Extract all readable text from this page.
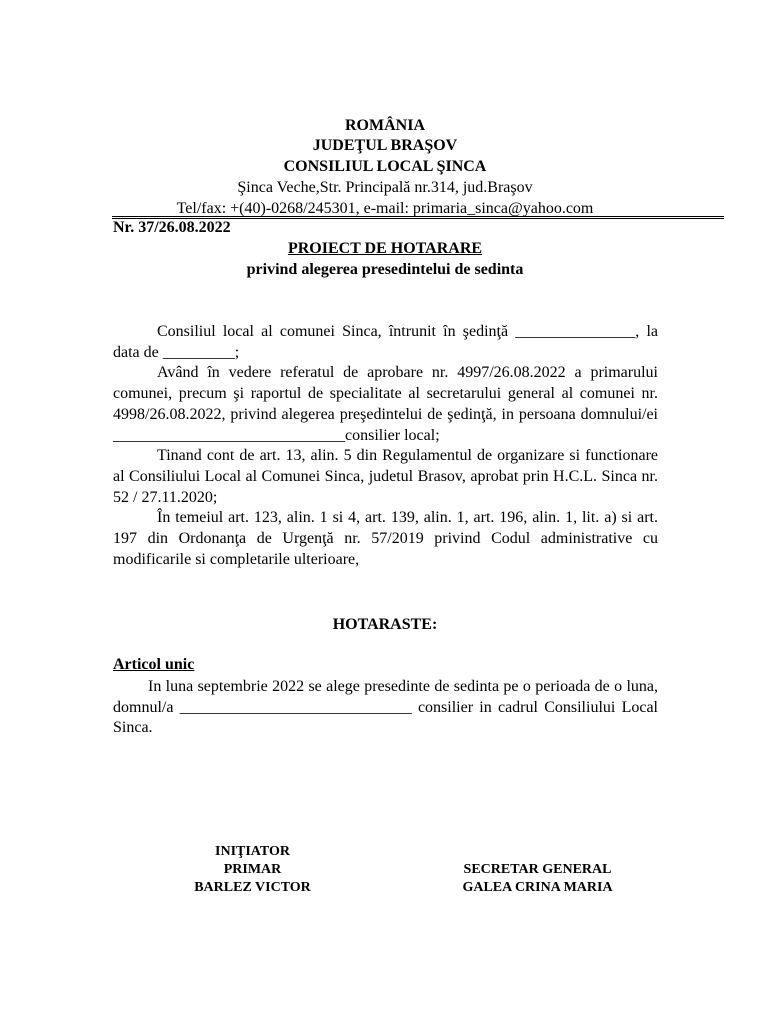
ROMÂNIA
JUDEŢUL BRAŞOV
CONSILIUL LOCAL ŞINCA
Şinca Veche,Str. Principală nr.314, jud.Braşov
Tel/fax: +(40)-0268/245301, e-mail: primaria_sinca@yahoo.com
Nr. 37/26.08.2022
PROIECT DE HOTARARE
privind alegerea presedintelui de sedinta

Consiliul local al comunei Sinca, întrunit în şedinţă _______________, la data de _________;

Având în vedere referatul de aprobare nr. 4997/26.08.2022 a primarului comunei, precum şi raportul de specialitate al secretarului general al comunei nr. 4998/26.08.2022, privind alegerea preşedintelui de şedinţă, in persoana domnului/ei _____________________________consilier local;

Tinand cont de art. 13, alin. 5 din Regulamentul de organizare si functionare al Consiliului Local al Comunei Sinca, judetul Brasov, aprobat prin H.C.L. Sinca nr. 52 / 27.11.2020;

În temeiul art. 123, alin. 1 si 4, art. 139, alin. 1, art. 196, alin. 1, lit. a) si art. 197 din Ordonanţa de Urgenţă nr. 57/2019 privind Codul administrative cu modificarile si completarile ulterioare,

HOTARASTE:
Articol unic

In luna septembrie 2022 se alege presedinte de sedinta pe o perioada de o luna, domnul/a _____________________________ consilier in cadrul Consiliului Local Sinca.

INIŢIATOR
PRIMAR
BARLEZ VICTOR
SECRETAR GENERAL
GALEA CRINA MARIA
